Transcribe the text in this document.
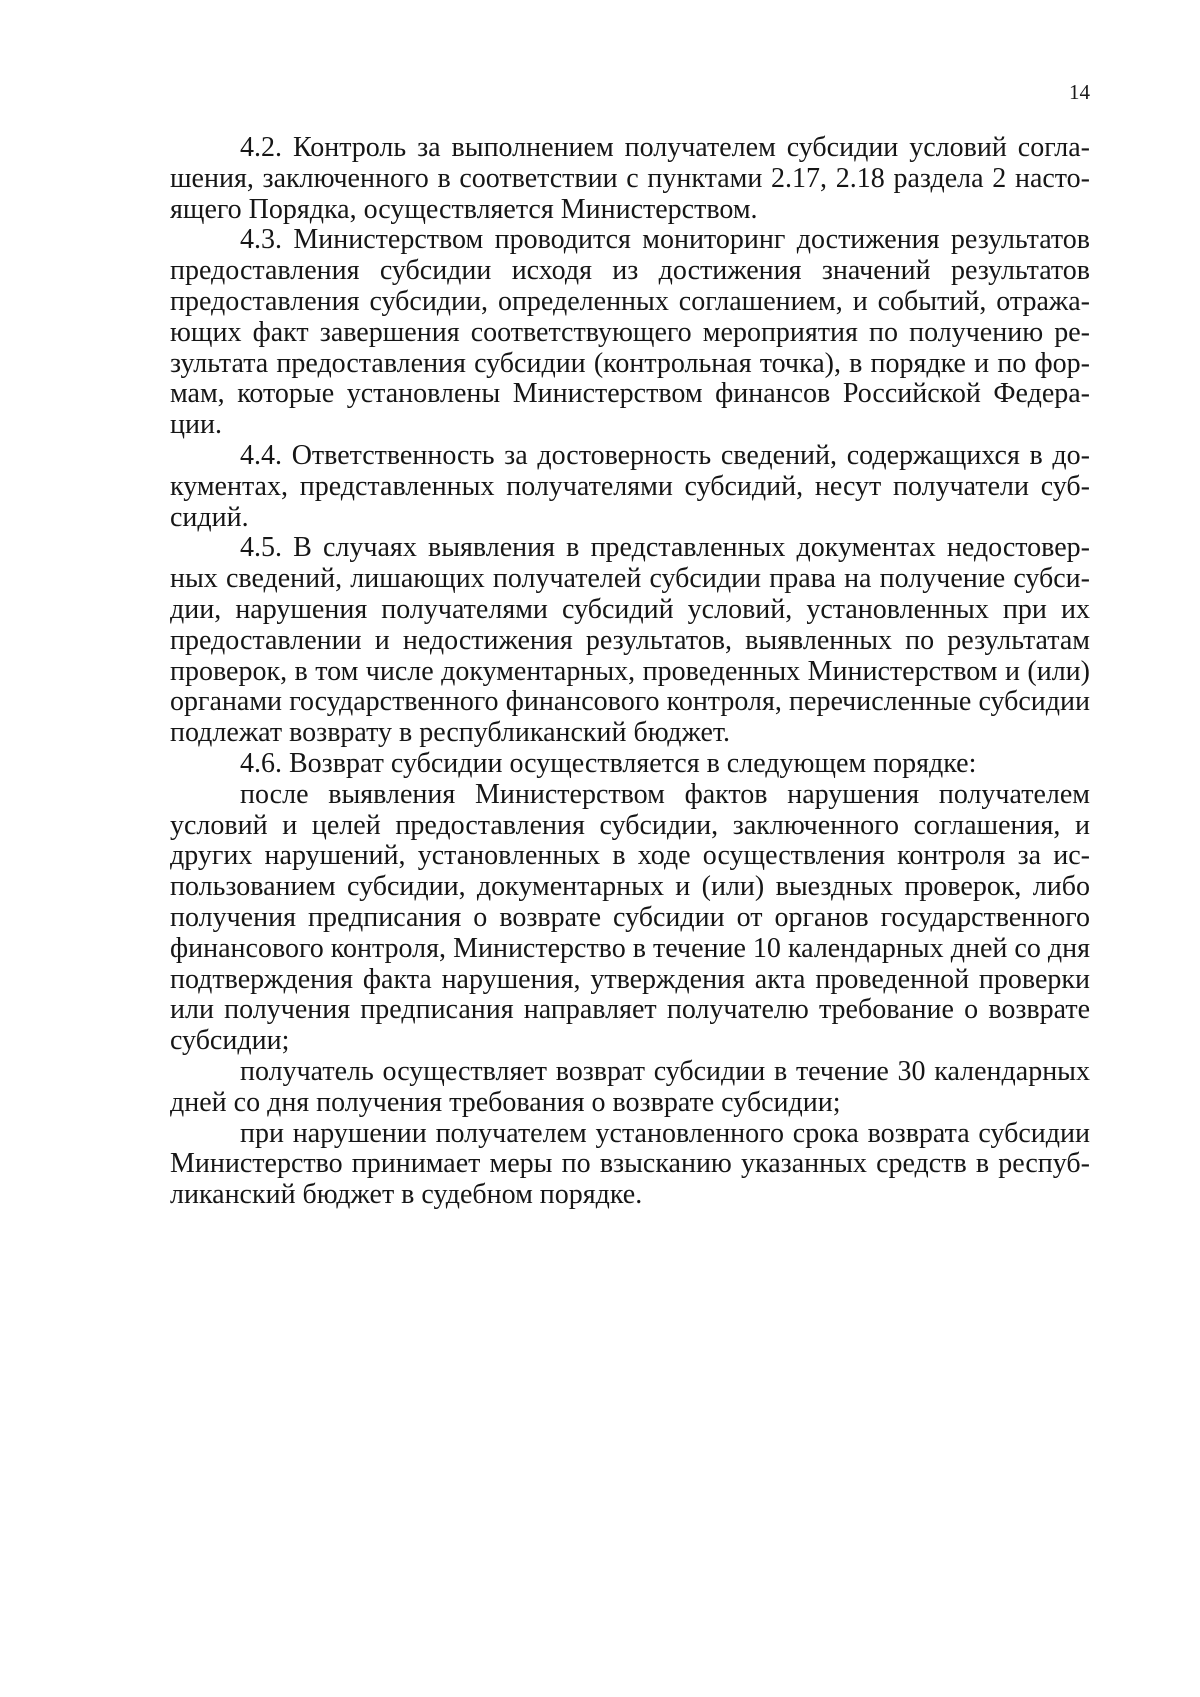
14

4.2. Контроль за выполнением получателем субсидии условий соглашения, заключенного в соответствии с пунктами 2.17, 2.18 раздела 2 настоящего Порядка, осуществляется Министерством.

4.3. Министерством проводится мониторинг достижения результатов предоставления субсидии исходя из достижения значений результатов предоставления субсидии, определенных соглашением, и событий, отражающих факт завершения соответствующего мероприятия по получению результата предоставления субсидии (контрольная точка), в порядке и по формам, которые установлены Министерством финансов Российской Федерации.

4.4. Ответственность за достоверность сведений, содержащихся в документах, представленных получателями субсидий, несут получатели субсидий.

4.5. В случаях выявления в представленных документах недостоверных сведений, лишающих получателей субсидии права на получение субсидии, нарушения получателями субсидий условий, установленных при их предоставлении и недостижения результатов, выявленных по результатам проверок, в том числе документарных, проведенных Министерством и (или) органами государственного финансового контроля, перечисленные субсидии подлежат возврату в республиканский бюджет.

4.6. Возврат субсидии осуществляется в следующем порядке:

после выявления Министерством фактов нарушения получателем условий и целей предоставления субсидии, заключенного соглашения, и других нарушений, установленных в ходе осуществления контроля за использованием субсидии, документарных и (или) выездных проверок, либо получения предписания о возврате субсидии от органов государственного финансового контроля, Министерство в течение 10 календарных дней со дня подтверждения факта нарушения, утверждения акта проведенной проверки или получения предписания направляет получателю требование о возврате субсидии;

получатель осуществляет возврат субсидии в течение 30 календарных дней со дня получения требования о возврате субсидии;

при нарушении получателем установленного срока возврата субсидии Министерство принимает меры по взысканию указанных средств в республиканский бюджет в судебном порядке.
